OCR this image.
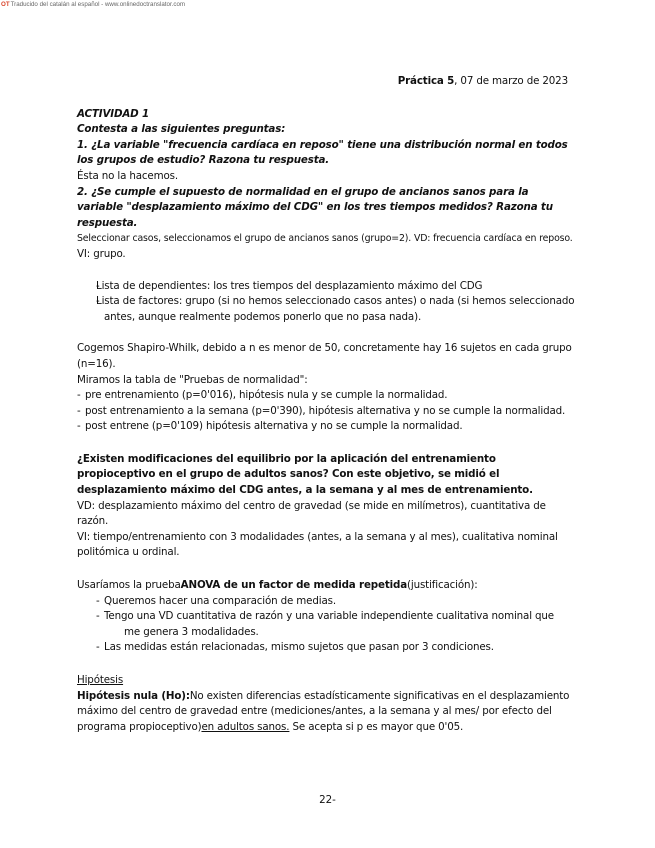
OTTraducido del catalán al español - www.onlinedoctranslator.com
Práctica 5, 07 de marzo de 2023

ACTIVIDAD 1

Contesta a las siguientes preguntas:

1. ¿La variable "frecuencia cardíaca en reposo" tiene una distribución normal en todos los grupos de estudio? Razona tu respuesta.

Ésta no la hacemos.

2. ¿Se cumple el supuesto de normalidad en el grupo de ancianos sanos para la variable "desplazamiento máximo del CDG" en los tres tiempos medidos? Razona tu respuesta.

Seleccionar casos, seleccionamos el grupo de ancianos sanos (grupo=2). VD: frecuencia cardíaca en reposo.

VI: grupo.

- Lista de dependientes: los tres tiempos del desplazamiento máximo del CDG
- Lista de factores: grupo (si no hemos seleccionado casos antes) o nada (si hemos seleccionado antes, aunque realmente podemos ponerlo que no pasa nada).

Cogemos Shapiro-Whilk, debido a n es menor de 50, concretamente hay 16 sujetos en cada grupo (n=16).

Miramos la tabla de "Pruebas de normalidad":

- pre entrenamiento (p=0'016), hipótesis nula y se cumple la normalidad.
- post entrenamiento a la semana (p=0'390), hipótesis alternativa y no se cumple la normalidad.
- post entrene (p=0'109) hipótesis alternativa y no se cumple la normalidad.

¿Existen modificaciones del equilibrio por la aplicación del entrenamiento propioceptivo en el grupo de adultos sanos? Con este objetivo, se midió el desplazamiento máximo del CDG antes, a la semana y al mes de entrenamiento.

VD: desplazamiento máximo del centro de gravedad (se mide en milímetros), cuantitativa de razón.

VI: tiempo/entrenamiento con 3 modalidades (antes, a la semana y al mes), cualitativa nominal politómica u ordinal.

Usaríamos la pruebaANOVA de un factor de medida repetida(justificación):

- Queremos hacer una comparación de medias.
- Tengo una VD cuantitativa de razón y una variable independiente cualitativa nominal que
me genera 3 modalidades.
- Las medidas están relacionadas, mismo sujetos que pasan por 3 condiciones.

Hipótesis

Hipótesis nula (Ho):No existen diferencias estadísticamente significativas en el desplazamiento máximo del centro de gravedad entre (mediciones/antes, a la semana y al mes/ por efecto del programa propioceptivo)en adultos sanos. Se acepta si p es mayor que 0'05.

22-
